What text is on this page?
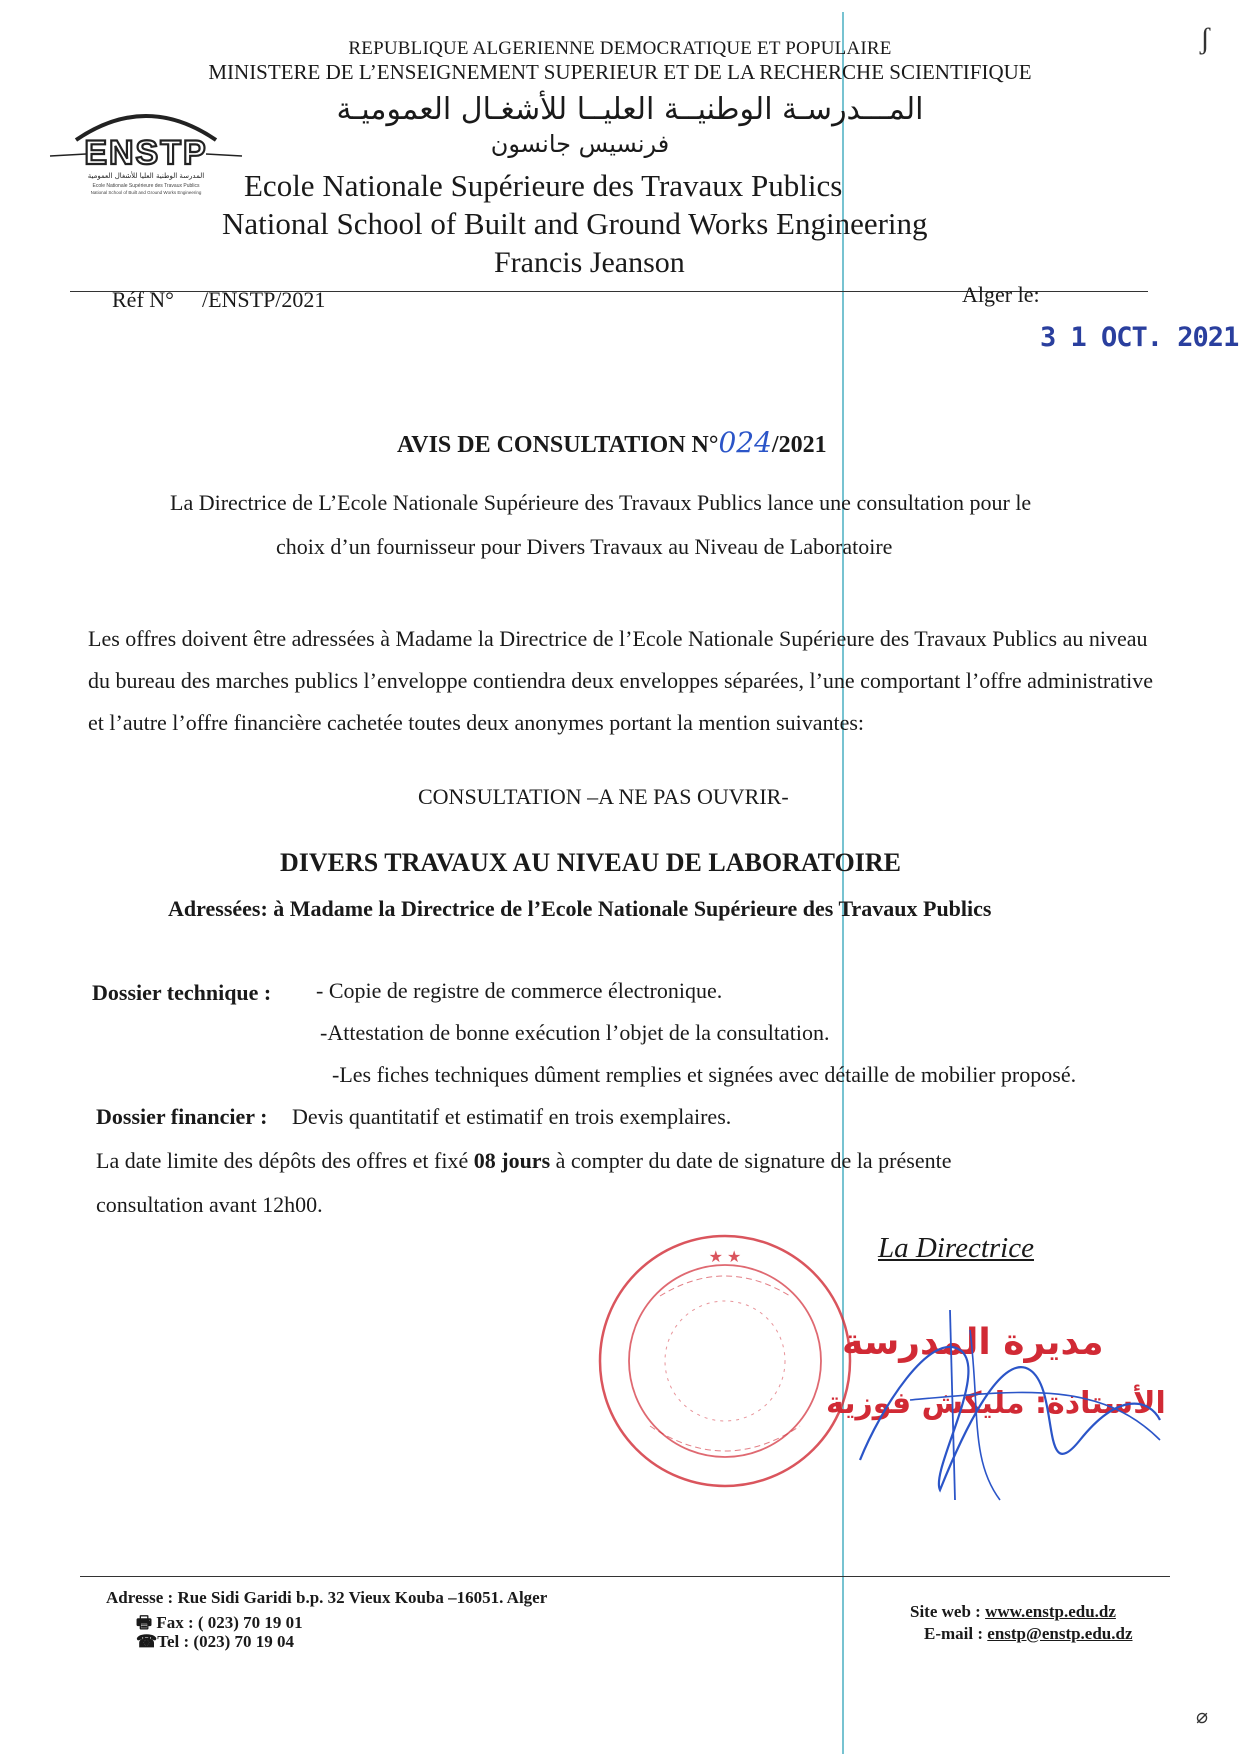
ʃ
⌀
REPUBLIQUE ALGERIENNE DEMOCRATIQUE ET POPULAIRE
MINISTERE DE L’ENSEIGNEMENT SUPERIEUR ET DE LA RECHERCHE SCIENTIFIQUE
ENSTP
المدرسة الوطنية العليا للأشغال العمومية
Ecole Nationale Supérieure des Travaux Publics
National School of Built and Ground Works Engineering
المـــدرسـة الوطنيــة العليــا للأشغـال العموميـة
فرنسيس جانسون
Ecole Nationale Supérieure des Travaux Publics
National School of Built and Ground Works Engineering
Francis Jeanson
Réf N° /ENSTP/2021	Alger le:
3 1 OCT. 2021
AVIS DE CONSULTATION N°024/2021
La Directrice de L’Ecole Nationale Supérieure des Travaux Publics lance une consultation pour le
choix d’un fournisseur pour Divers Travaux au Niveau de Laboratoire
Les offres doivent être adressées à Madame la Directrice de l’Ecole Nationale Supérieure des Travaux Publics au niveau du bureau des marches publics l’enveloppe contiendra deux enveloppes séparées, l’une comportant l’offre administrative et l’autre l’offre financière cachetée toutes deux anonymes portant la mention suivantes:
CONSULTATION –A NE PAS OUVRIR-
DIVERS TRAVAUX AU NIVEAU DE LABORATOIRE
Adressées: à Madame la Directrice de l’Ecole Nationale Supérieure des Travaux Publics
Dossier technique : - Copie de registre de commerce électronique.
-Attestation de bonne exécution l’objet de la consultation.
-Les fiches techniques dûment remplies et signées avec détaille de mobilier proposé.
Dossier financier : Devis quantitatif et estimatif en trois exemplaires.
La date limite des dépôts des offres et fixé 08 jours à compter du date de signature de la présente
consultation avant 12h00.
La Directrice
★ ★
مديرة المدرسة
الأستاذة: مليكش فوزية
Adresse : Rue Sidi Garidi b.p. 32 Vieux Kouba –16051. Alger
🖶 Fax : ( 023) 70 19 01
☎Tel : (023) 70 19 04
Site web : www.enstp.edu.dz
E-mail : enstp@enstp.edu.dz
